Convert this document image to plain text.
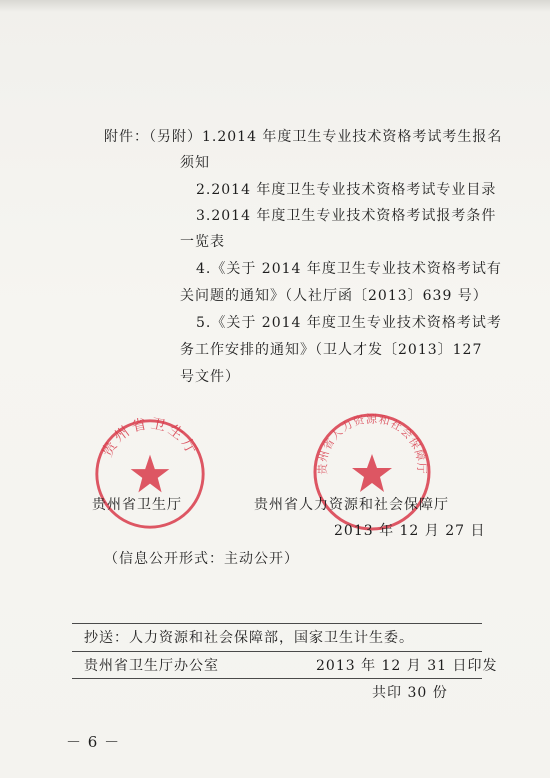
附件：（另附） 1.2014 年度卫生专业技术资格考试考生报名
须知
2.2014 年度卫生专业技术资格考试专业目录
3.2014 年度卫生专业技术资格考试报考条件
一览表
4.《关于 2014 年度卫生专业技术资格考试有
关问题的通知》（人社厅函〔2013〕639 号）
5.《关于 2014 年度卫生专业技术资格考试考
务工作安排的通知》（卫人才发〔2013〕127
号文件）
贵州省卫生厅
贵州省人力资源和社会保障厅
贵州省卫生厅	贵州省人力资源和社会保障厅
2013 年 12 月 27 日
（信息公开形式：主动公开）
抄送：人力资源和社会保障部，国家卫生计生委。
贵州省卫生厅办公室	2013 年 12 月 31 日印发
共印 30 份
－ 6 －
